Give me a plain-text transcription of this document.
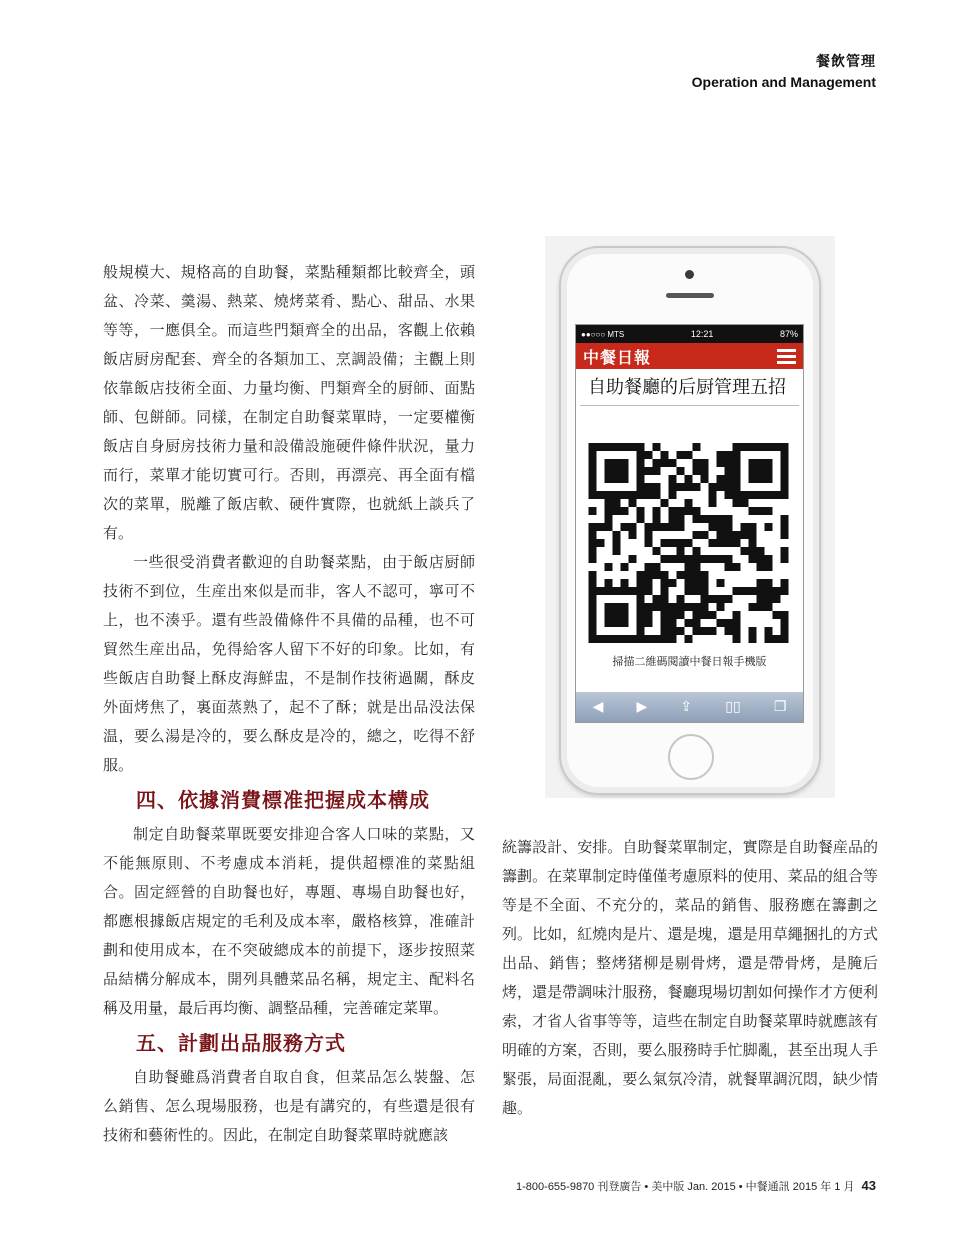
餐飲管理
Operation and Management

般規模大、規格高的自助餐，菜點種類都比較齊全，頭盆、冷菜、羹湯、熱菜、燒烤菜肴、點心、甜品、水果等等，一應俱全。而這些門類齊全的出品，客觀上依賴飯店厨房配套、齊全的各類加工、烹調設備；主觀上則依靠飯店技術全面、力量均衡、門類齊全的厨師、面點師、包餅師。同樣，在制定自助餐菜單時，一定要權衡飯店自身厨房技術力量和設備設施硬件條件狀況，量力而行，菜單才能切實可行。否則，再漂亮、再全面有檔次的菜單，脱離了飯店軟、硬件實際，也就紙上談兵了有。

一些很受消費者歡迎的自助餐菜點，由于飯店厨師技術不到位，生産出來似是而非，客人不認可，寧可不上，也不湊乎。還有些設備條件不具備的品種，也不可貿然生産出品，免得給客人留下不好的印象。比如，有些飯店自助餐上酥皮海鮮盅，不是制作技術過關，酥皮外面烤焦了，裏面蒸熟了，起不了酥；就是出品没法保温，要么湯是冷的，要么酥皮是冷的，總之，吃得不舒服。

四、依據消費標准把握成本構成

制定自助餐菜單既要安排迎合客人口味的菜點，又不能無原則、不考慮成本消耗，提供超標准的菜點組合。固定經營的自助餐也好，專題、專場自助餐也好，都應根據飯店規定的毛利及成本率，嚴格核算，准確計劃和使用成本，在不突破總成本的前提下，逐步按照菜品結構分解成本，開列具體菜品名稱，規定主、配料名稱及用量，最后再均衡、調整品種，完善確定菜單。

五、計劃出品服務方式

自助餐雖爲消費者自取自食，但菜品怎么裝盤、怎么銷售、怎么現場服務，也是有講究的，有些還是很有技術和藝術性的。因此，在制定自助餐菜單時就應該

統籌設計、安排。自助餐菜單制定，實際是自助餐産品的籌劃。在菜單制定時僅僅考慮原料的使用、菜品的組合等等是不全面、不充分的，菜品的銷售、服務應在籌劃之列。比如，紅燒肉是片、還是塊，還是用草繩捆扎的方式出品、銷售；整烤猪柳是剔骨烤，還是帶骨烤，是腌后烤，還是帶調味汁服務，餐廳現場切割如何操作才方便利索，才省人省事等等，這些在制定自助餐菜單時就應該有明確的方案，否則，要么服務時手忙脚亂，甚至出現人手緊張，局面混亂，要么氣氛冷清，就餐單調沉悶，缺少情趣。

●●○○○ MTS	12:21	87%
中餐日報
自助餐廳的后厨管理五招
掃描二維碼閱讀中餐日報手機版
◀ ▶ ⇪ ▯▯ ❐
1-800-655-9870 刊登廣告 • 美中版 Jan. 2015 • 中餐通訊 2015 年 1 月 43
